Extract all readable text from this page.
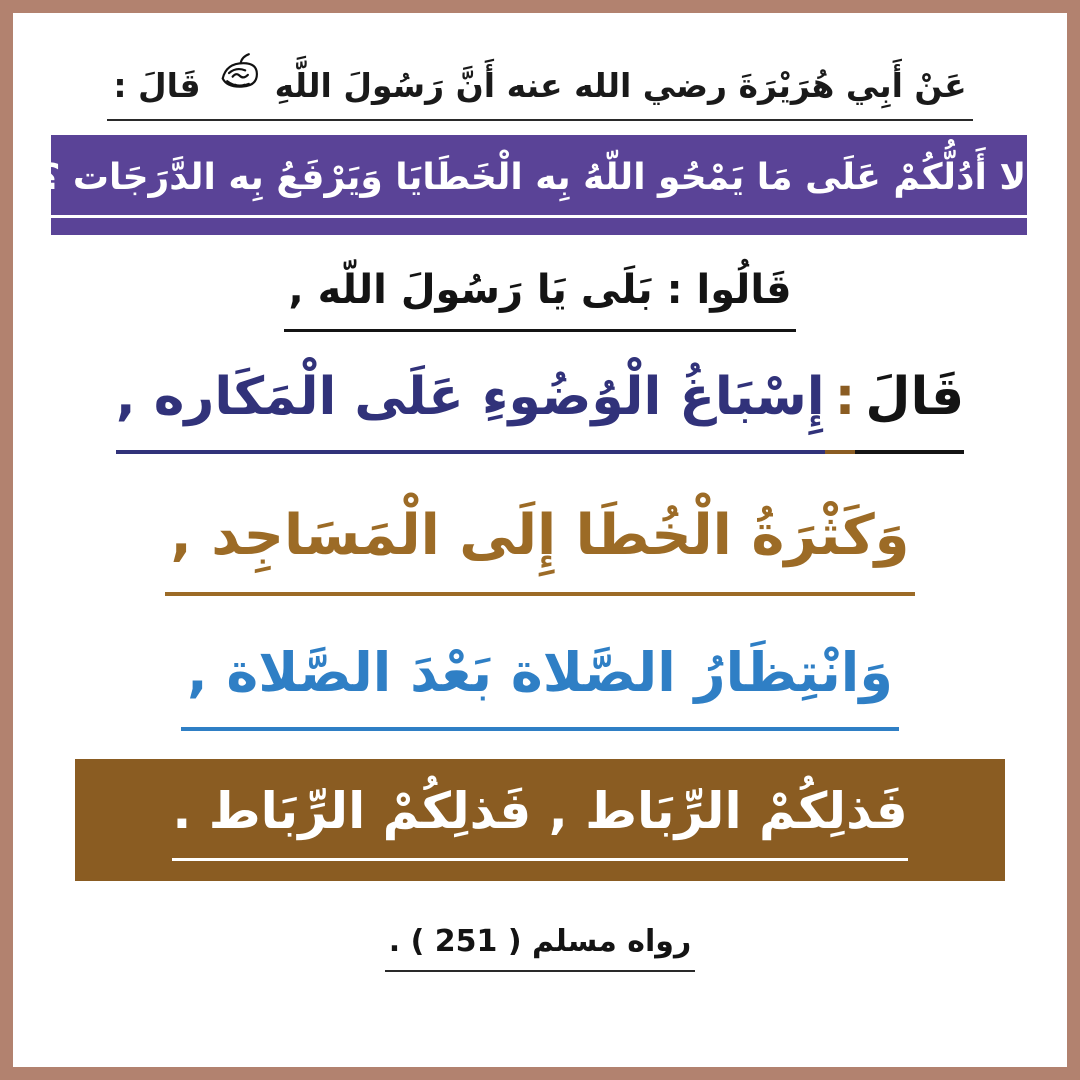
عَنْ أَبِي هُرَيْرَةَ رضي الله عنه أَنَّ رَسُولَ اللَّهِ
قَالَ :
أَلا أَدُلُّكُمْ عَلَى مَا يَمْحُو اللّهُ بِه الْخَطَايَا وَيَرْفَعُ بِه الدَّرَجَات ؟
قَالُوا : بَلَى يَا رَسُولَ اللّه ,
قَالَ
:
إِسْبَاغُ الْوُضُوءِ عَلَى الْمَكَاره ,
وَكَثْرَةُ الْخُطَا إِلَى الْمَسَاجِد ,
وَانْتِظَارُ الصَّلاة بَعْدَ الصَّلاة ,
فَذلِكُمْ الرِّبَاط , فَذلِكُمْ الرِّبَاط .
رواه مسلم ( 251 ) .
